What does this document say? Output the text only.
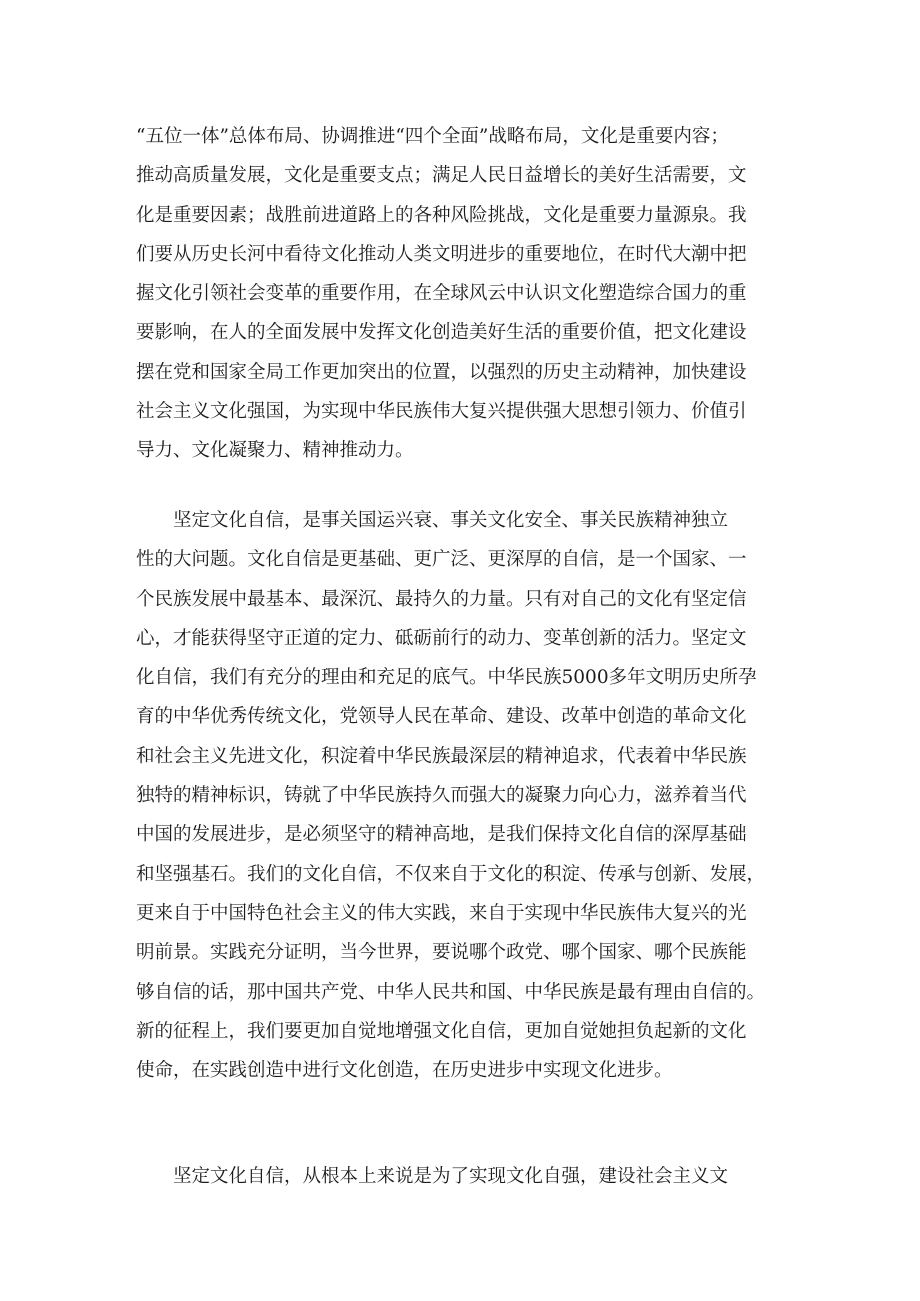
“五位一体”总体布局、协调推进“四个全面”战略布局，文化是重要内容；
推动高质量发展，文化是重要支点；满足人民日益增长的美好生活需要，文
化是重要因素；战胜前进道路上的各种风险挑战，文化是重要力量源泉。我
们要从历史长河中看待文化推动人类文明进步的重要地位，在时代大潮中把
握文化引领社会变革的重要作用，在全球风云中认识文化塑造综合国力的重
要影响，在人的全面发展中发挥文化创造美好生活的重要价值，把文化建设
摆在党和国家全局工作更加突出的位置，以强烈的历史主动精神，加快建设
社会主义文化强国，为实现中华民族伟大复兴提供强大思想引领力、价值引
导力、文化凝聚力、精神推动力。
坚定文化自信，是事关国运兴衰、事关文化安全、事关民族精神独立
性的大问题。文化自信是更基础、更广泛、更深厚的自信，是一个国家、一
个民族发展中最基本、最深沉、最持久的力量。只有对自己的文化有坚定信
心，才能获得坚守正道的定力、砥砺前行的动力、变革创新的活力。坚定文
化自信，我们有充分的理由和充足的底气。中华民族5000多年文明历史所孕
育的中华优秀传统文化，党领导人民在革命、建设、改革中创造的革命文化
和社会主义先进文化，积淀着中华民族最深层的精神追求，代表着中华民族
独特的精神标识，铸就了中华民族持久而强大的凝聚力向心力，滋养着当代
中国的发展进步，是必须坚守的精神高地，是我们保持文化自信的深厚基础
和坚强基石。我们的文化自信，不仅来自于文化的积淀、传承与创新、发展，
更来自于中国特色社会主义的伟大实践，来自于实现中华民族伟大复兴的光
明前景。实践充分证明，当今世界，要说哪个政党、哪个国家、哪个民族能
够自信的话，那中国共产党、中华人民共和国、中华民族是最有理由自信的。
新的征程上，我们要更加自觉地增强文化自信，更加自觉她担负起新的文化
使命，在实践创造中进行文化创造，在历史进步中实现文化进步。
坚定文化自信，从根本上来说是为了实现文化自强，建设社会主义文
